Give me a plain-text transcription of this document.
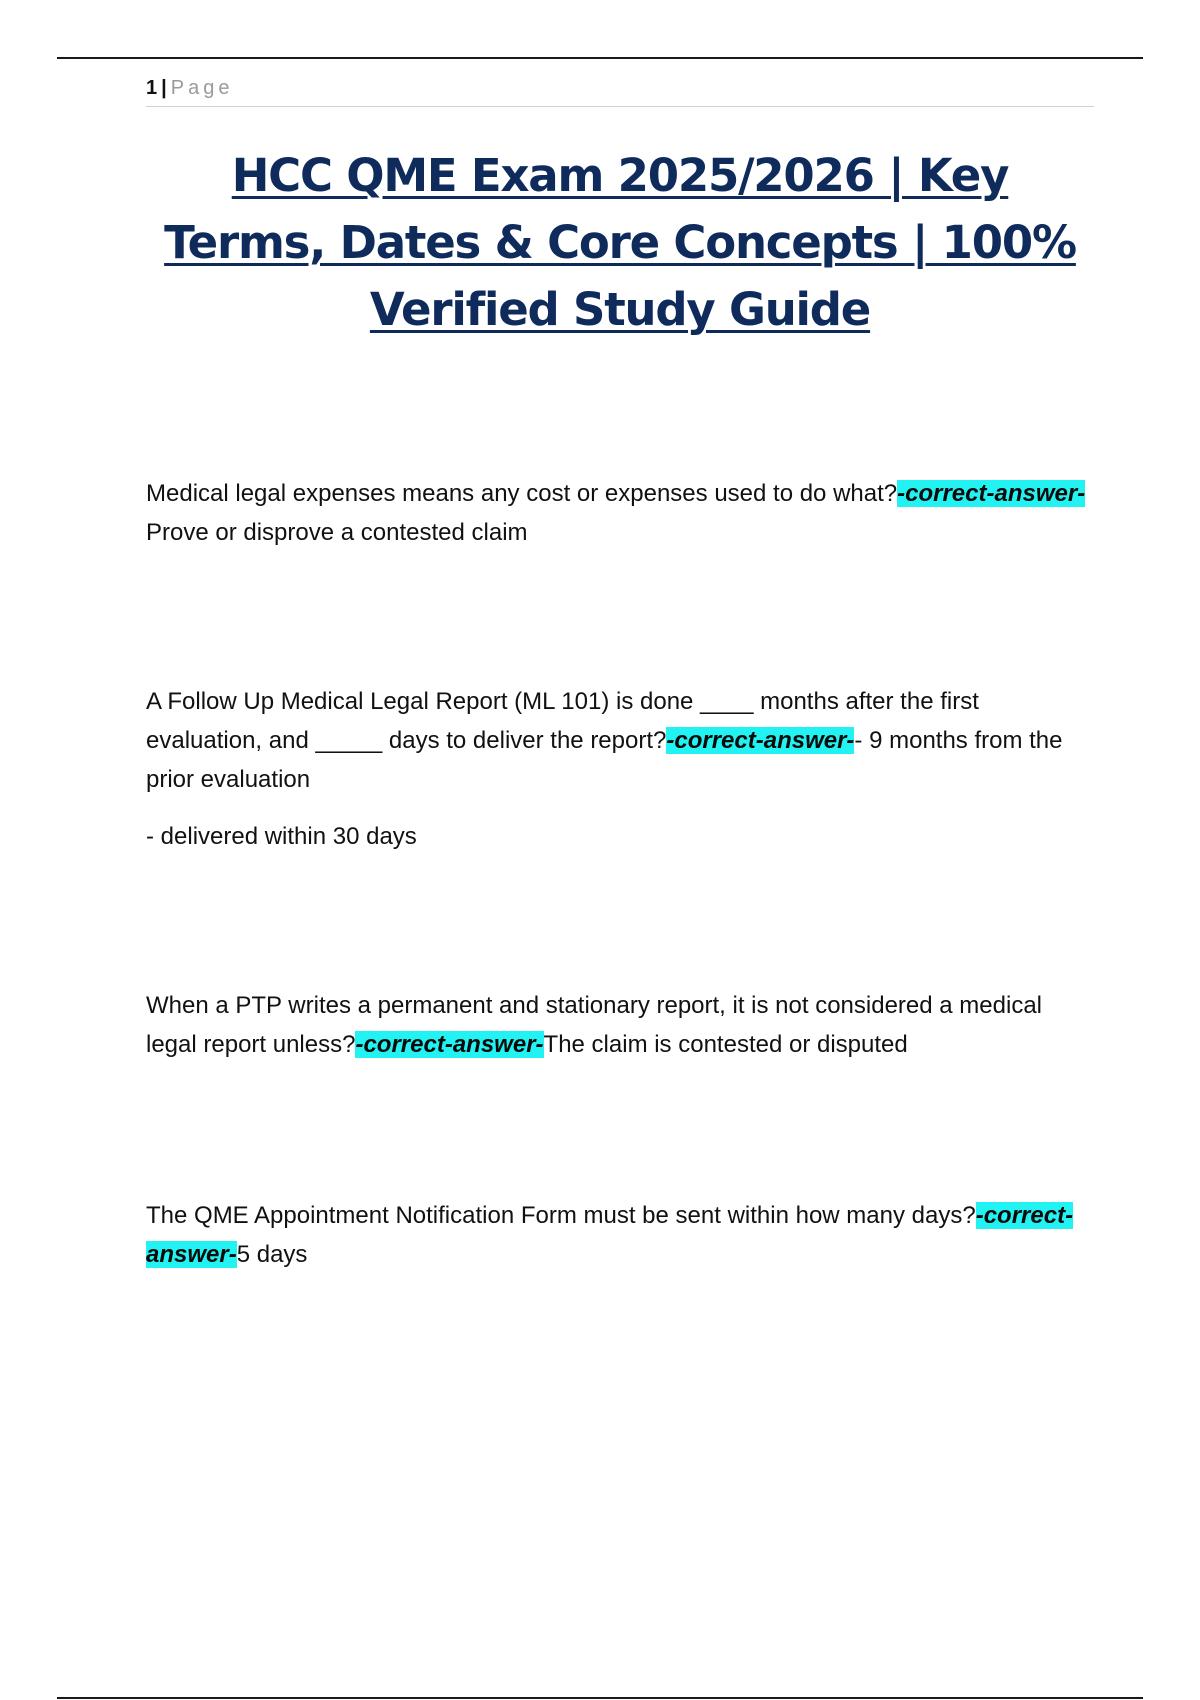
1 | Page
HCC QME Exam 2025/2026 | Key Terms, Dates & Core Concepts | 100% Verified Study Guide

Medical legal expenses means any cost or expenses used to do what?-correct-answer-Prove or disprove a contested claim

A Follow Up Medical Legal Report (ML 101) is done ____ months after the first evaluation, and _____ days to deliver the report?-correct-answer-- 9 months from the prior evaluation

- delivered within 30 days

When a PTP writes a permanent and stationary report, it is not considered a medical legal report unless?-correct-answer-The claim is contested or disputed

The QME Appointment Notification Form must be sent within how many days?-correct-answer-5 days
